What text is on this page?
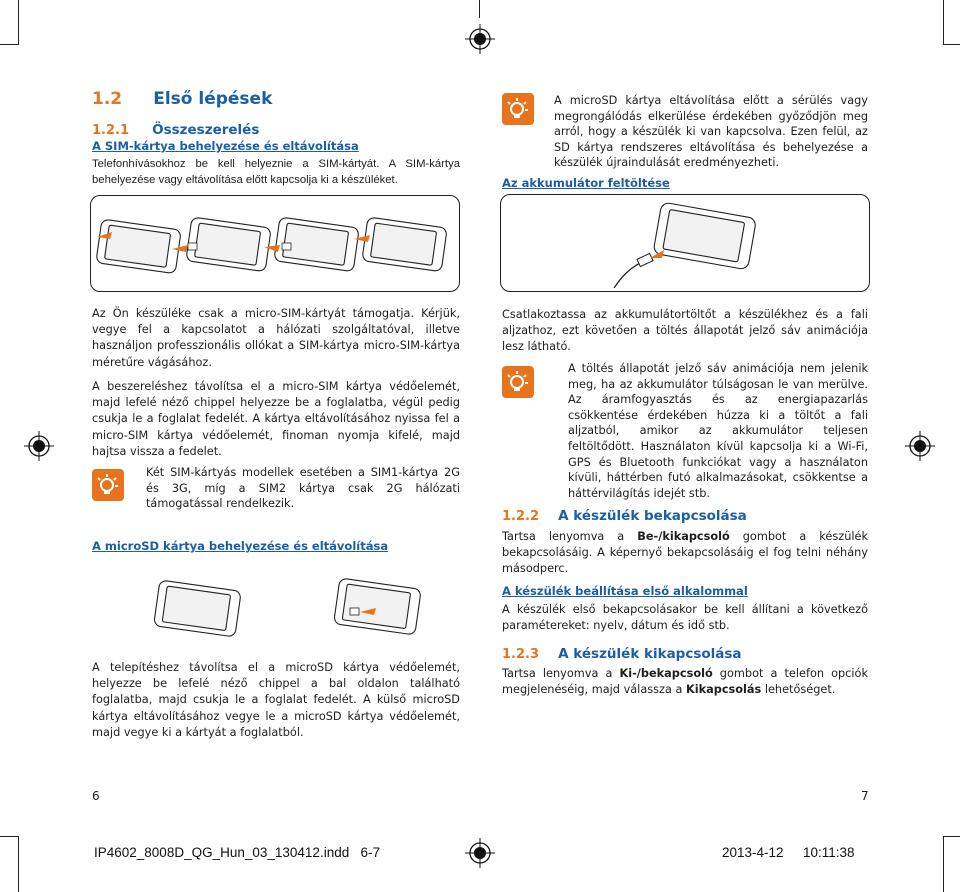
1.2 Első lépések
1.2.1 Összeszerelés
A SIM-kártya behelyezése és eltávolítása
Telefonhívásokhoz be kell helyeznie a SIM-kártyát. A SIM-kártya behelyezése vagy eltávolítása előtt kapcsolja ki a készüléket.
Az Ön készüléke csak a micro-SIM-kártyát támogatja. Kérjük, vegye fel a kapcsolatot a hálózati szolgáltatóval, illetve használjon professzionális ollókat a SIM-kártya micro-SIM-kártya méretűre vágásához.
A beszereléshez távolítsa el a micro-SIM kártya védőelemét, majd lefelé néző chippel helyezze be a foglalatba, végül pedig csukja le a foglalat fedelét. A kártya eltávolításához nyissa fel a micro-SIM kártya védőelemét, finoman nyomja kifelé, majd hajtsa vissza a fedelet.
Két SIM-kártyás modellek esetében a SIM1-kártya 2G és 3G, míg a SIM2 kártya csak 2G hálózati támogatással rendelkezik.
A microSD kártya behelyezése és eltávolítása
A telepítéshez távolítsa el a microSD kártya védőelemét, helyezze be lefelé néző chippel a bal oldalon található foglalatba, majd csukja le a foglalat fedelét. A külső microSD kártya eltávolításához vegye le a microSD kártya védőelemét, majd vegye ki a kártyát a foglalatból.
6
A microSD kártya eltávolítása előtt a sérülés vagy megrongálódás elkerülése érdekében győződjön meg arról, hogy a készülék ki van kapcsolva. Ezen felül, az SD kártya rendszeres eltávolítása és behelyezése a készülék újraindulását eredményezheti.
Az akkumulátor feltöltése
Csatlakoztassa az akkumulátortöltőt a készülékhez és a fali aljzathoz, ezt követően a töltés állapotát jelző sáv animációja lesz látható.
A töltés állapotát jelző sáv animációja nem jelenik meg, ha az akkumulátor túlságosan le van merülve. Az áramfogyasztás és az energiapazarlás csökkentése érdekében húzza ki a töltőt a fali aljzatból, amikor az akkumulátor teljesen feltöltődött. Használaton kívül kapcsolja ki a Wi-Fi, GPS és Bluetooth funkciókat vagy a használaton kívüli, háttérben futó alkalmazásokat, csökkentse a háttérvilágítás idejét stb.
1.2.2 A készülék bekapcsolása
Tartsa lenyomva a Be-/kikapcsoló gombot a készülék bekapcsolásáig. A képernyő bekapcsolásáig el fog telni néhány másodperc.
A készülék beállítása első alkalommal
A készülék első bekapcsolásakor be kell állítani a következő paramétereket: nyelv, dátum és idő stb.
1.2.3 A készülék kikapcsolása
Tartsa lenyomva a Ki-/bekapcsoló gombot a telefon opciók megjelenéséig, majd válassza a Kikapcsolás lehetőséget.
7
IP4602_8008D_QG_Hun_03_130412.indd   6-7	2013-4-12 10:11:38
